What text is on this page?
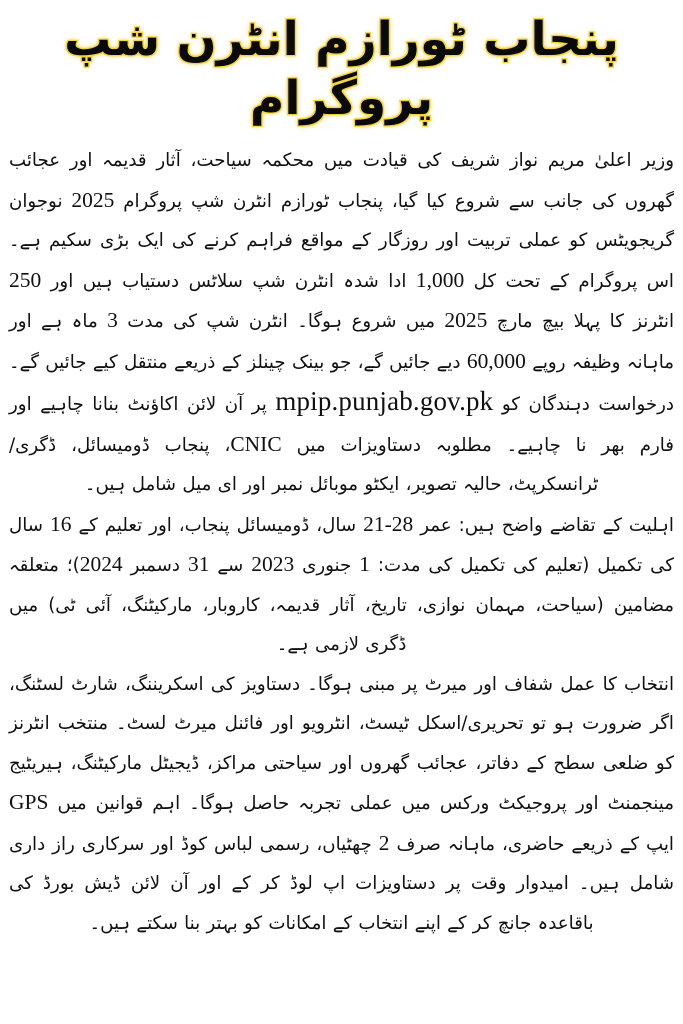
پنجاب ٹورازم انٹرن شپ
پروگرام

وزیر اعلیٰ مریم نواز شریف کی قیادت میں محکمہ سیاحت، آثار قدیمہ اور عجائب گھروں کی جانب سے شروع کیا گیا، پنجاب ٹورازم انٹرن شپ پروگرام 2025 نوجوان گریجویٹس کو عملی تربیت اور روزگار کے مواقع فراہم کرنے کی ایک بڑی سکیم ہے۔ اس پروگرام کے تحت کل 1,000 ادا شدہ انٹرن شپ سلاٹس دستیاب ہیں اور 250 انٹرنز کا پہلا بیچ مارچ 2025 میں شروع ہوگا۔ انٹرن شپ کی مدت 3 ماہ ہے اور ماہانہ وظیفہ روپے 60,000 دیے جائیں گے، جو بینک چینلز کے ذریعے منتقل کیے جائیں گے۔ درخواست دہندگان کو mpip.punjab.gov.pk پر آن لائن اکاؤنٹ بنانا چاہیے اور فارم بھر نا چاہیے۔ مطلوبہ دستاویزات میں CNIC، پنجاب ڈومیسائل، ڈگری/ٹرانسکرپٹ، حالیہ تصویر، ایکٹو موبائل نمبر اور ای میل شامل ہیں۔

اہلیت کے تقاضے واضح ہیں: عمر 21-28 سال، ڈومیسائل پنجاب، اور تعلیم کے 16 سال کی تکمیل (تعلیم کی تکمیل کی مدت: 1 جنوری 2023 سے 31 دسمبر 2024)؛ متعلقہ مضامین (سیاحت، مہمان نوازی، تاریخ، آثار قدیمہ، کاروبار، مارکیٹنگ، آئی ٹی) میں ڈگری لازمی ہے۔

انتخاب کا عمل شفاف اور میرٹ پر مبنی ہوگا۔ دستاویز کی اسکریننگ، شارٹ لسٹنگ، اگر ضرورت ہو تو تحریری/اسکل ٹیسٹ، انٹرویو اور فائنل میرٹ لسٹ۔ منتخب انٹرنز کو ضلعی سطح کے دفاتر، عجائب گھروں اور سیاحتی مراکز، ڈیجیٹل مارکیٹنگ، ہیریٹیج مینجمنٹ اور پروجیکٹ ورکس میں عملی تجربہ حاصل ہوگا۔ اہم قوانین میں GPS ایپ کے ذریعے حاضری، ماہانہ صرف 2 چھٹیاں، رسمی لباس کوڈ اور سرکاری راز داری شامل ہیں۔ امیدوار وقت پر دستاویزات اپ لوڈ کر کے اور آن لائن ڈیش بورڈ کی باقاعدہ جانچ کر کے اپنے انتخاب کے امکانات کو بہتر بنا سکتے ہیں۔
